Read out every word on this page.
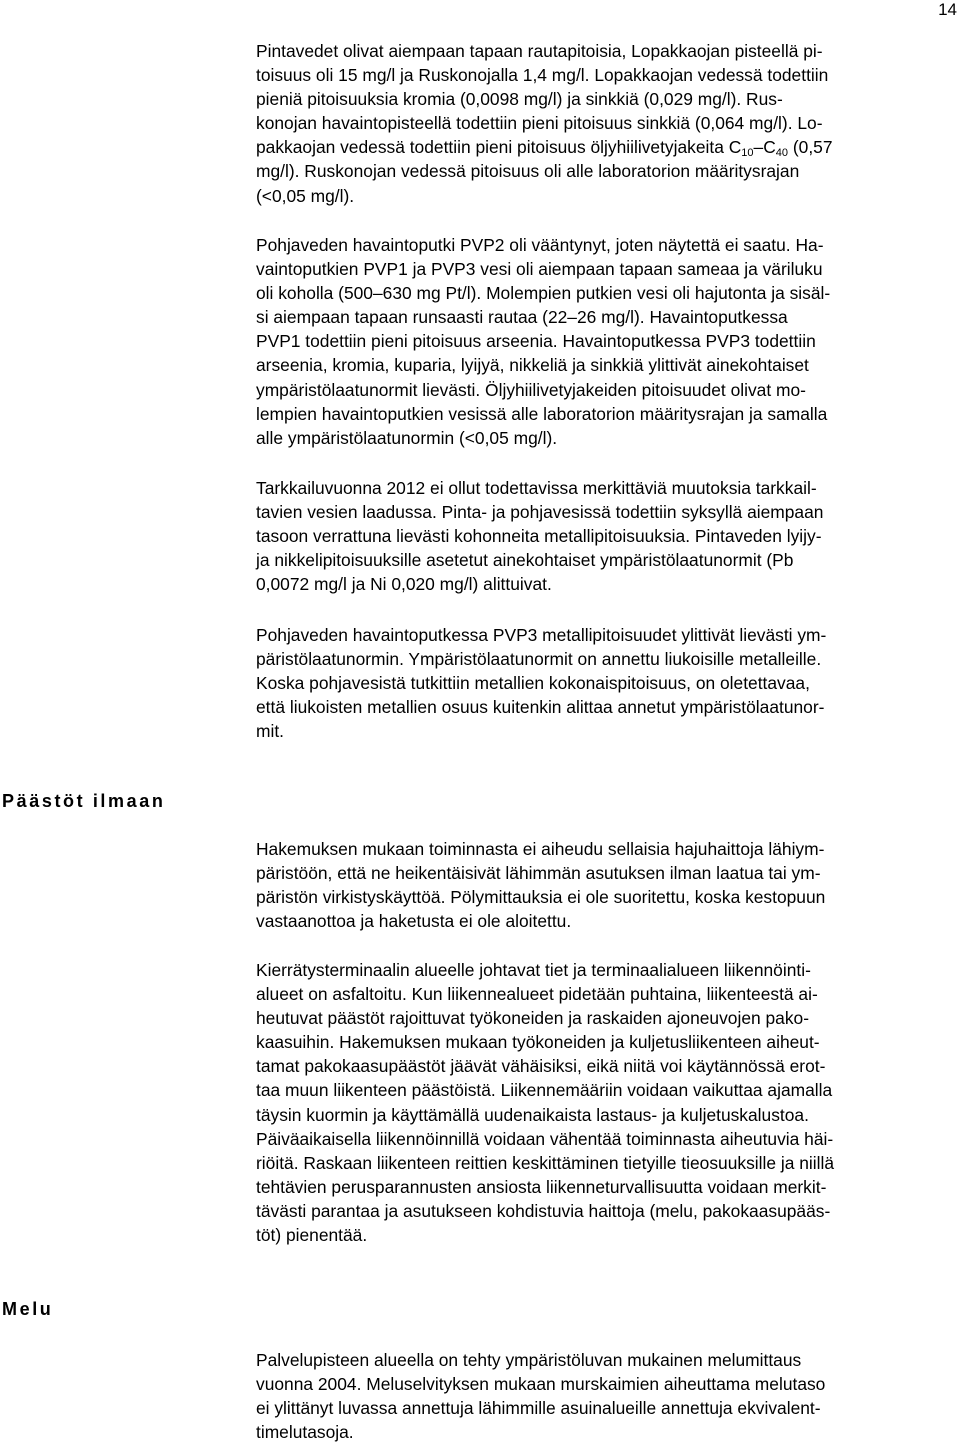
14
Pintavedet olivat aiempaan tapaan rautapitoisia, Lopakkaojan pisteellä pi-
toisuus oli 15 mg/l ja Ruskonojalla 1,4 mg/l. Lopakkaojan vedessä todettiin
pieniä pitoisuuksia kromia (0,0098 mg/l) ja sinkkiä (0,029 mg/l). Rus-
konojan havaintopisteellä todettiin pieni pitoisuus sinkkiä (0,064 mg/l). Lo-
pakkaojan vedessä todettiin pieni pitoisuus öljyhiilivetyjakeita $C_{10}-C_{40}$ (0,57
mg/l). Ruskonojan vedessä pitoisuus oli alle laboratorion määritysrajan
(<0,05 mg/l).

Pohjaveden havaintoputki PVP2 oli vääntynyt, joten näytettä ei saatu. Ha-
vaintoputkien PVP1 ja PVP3 vesi oli aiempaan tapaan sameaa ja väriluku
oli koholla (500–630 mg Pt/l). Molempien putkien vesi oli hajutonta ja sisäl-
si aiempaan tapaan runsaasti rautaa (22–26 mg/l). Havaintoputkessa
PVP1 todettiin pieni pitoisuus arseenia. Havaintoputkessa PVP3 todettiin
arseenia, kromia, kuparia, lyijyä, nikkeliä ja sinkkiä ylittivät ainekohtaiset
ympäristölaatunormit lievästi. Öljyhiilivetyjakeiden pitoisuudet olivat mo-
lempien havaintoputkien vesissä alle laboratorion määritysrajan ja samalla
alle ympäristölaatunormin (<0,05 mg/l).

Tarkkailuvuonna 2012 ei ollut todettavissa merkittäviä muutoksia tarkkail-
tavien vesien laadussa. Pinta- ja pohjavesissä todettiin syksyllä aiempaan
tasoon verrattuna lievästi kohonneita metallipitoisuuksia. Pintaveden lyijy-
ja nikkelipitoisuuksille asetetut ainekohtaiset ympäristölaatunormit (Pb
0,0072 mg/l ja Ni 0,020 mg/l) alittuivat.

Pohjaveden havaintoputkessa PVP3 metallipitoisuudet ylittivät lievästi ym-
päristölaatunormin. Ympäristölaatunormit on annettu liukoisille metalleille.
Koska pohjavesistä tutkittiin metallien kokonaispitoisuus, on oletettavaa,
että liukoisten metallien osuus kuitenkin alittaa annetut ympäristölaatunor-
mit.

Päästöt ilmaan

Hakemuksen mukaan toiminnasta ei aiheudu sellaisia hajuhaittoja lähiym-
päristöön, että ne heikentäisivät lähimmän asutuksen ilman laatua tai ym-
päristön virkistyskäyttöä. Pölymittauksia ei ole suoritettu, koska kestopuun
vastaanottoa ja haketusta ei ole aloitettu.

Kierrätysterminaalin alueelle johtavat tiet ja terminaalialueen liikennöinti-
alueet on asfaltoitu. Kun liikennealueet pidetään puhtaina, liikenteestä ai-
heutuvat päästöt rajoittuvat työkoneiden ja raskaiden ajoneuvojen pako-
kaasuihin. Hakemuksen mukaan työkoneiden ja kuljetusliikenteen aiheut-
tamat pakokaasupäästöt jäävät vähäisiksi, eikä niitä voi käytännössä erot-
taa muun liikenteen päästöistä. Liikennemääriin voidaan vaikuttaa ajamalla
täysin kuormin ja käyttämällä uudenaikaista lastaus- ja kuljetuskalustoa.
Päiväaikaisella liikennöinnillä voidaan vähentää toiminnasta aiheutuvia häi-
riöitä. Raskaan liikenteen reittien keskittäminen tietyille tieosuuksille ja niillä
tehtävien perusparannusten ansiosta liikenneturvallisuutta voidaan merkit-
tävästi parantaa ja asutukseen kohdistuvia haittoja (melu, pakokaasupääs-
töt) pienentää.

Melu

Palvelupisteen alueella on tehty ympäristöluvan mukainen melumittaus
vuonna 2004. Meluselvityksen mukaan murskaimien aiheuttama melutaso
ei ylittänyt luvassa annettuja lähimmille asuinalueille annettuja ekvivalent-
timelutasoja.
